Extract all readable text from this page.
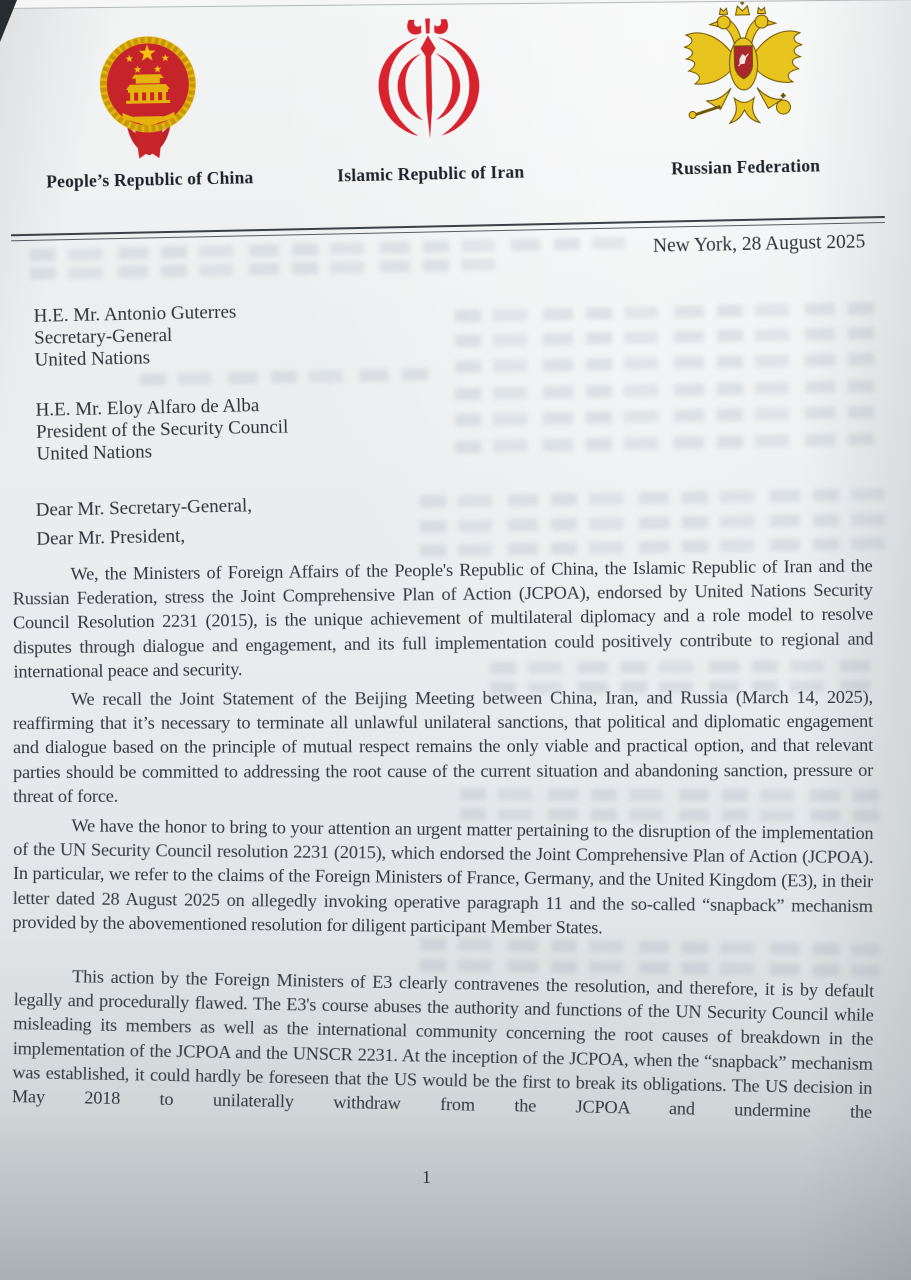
People’s Republic of China	Islamic Republic of Iran	Russian Federation
New York, 28 August 2025
H.E. Mr. Antonio Guterres
Secretary-General
United Nations
H.E. Mr. Eloy Alfaro de Alba
President of the Security Council
United Nations
Dear Mr. Secretary-General,
Dear Mr. President,

We, the Ministers of Foreign Affairs of the People's Republic of China, the Islamic Republic of Iran and the Russian Federation, stress the Joint Comprehensive Plan of Action (JCPOA), endorsed by United Nations Security Council Resolution 2231 (2015), is the unique achievement of multilateral diplomacy and a role model to resolve disputes through dialogue and engagement, and its full implementation could positively contribute to regional and international peace and security.

We recall the Joint Statement of the Beijing Meeting between China, Iran, and Russia (March 14, 2025), reaffirming that it’s necessary to terminate all unlawful unilateral sanctions, that political and diplomatic engagement and dialogue based on the principle of mutual respect remains the only viable and practical option, and that relevant parties should be committed to addressing the root cause of the current situation and abandoning sanction, pressure or threat of force.

We have the honor to bring to your attention an urgent matter pertaining to the disruption of the implementation of the UN Security Council resolution 2231 (2015), which endorsed the Joint Comprehensive Plan of Action (JCPOA). In particular, we refer to the claims of the Foreign Ministers of France, Germany, and the United Kingdom (E3), in their letter dated 28 August 2025 on allegedly invoking operative paragraph 11 and the so-called “snapback” mechanism provided by the abovementioned resolution for diligent participant Member States.

This action by the Foreign Ministers of E3 clearly contravenes the resolution, and therefore, it is by default legally and procedurally flawed. The E3's course abuses the authority and functions of the UN Security Council while misleading its members as well as the international community concerning the root causes of breakdown in the implementation of the JCPOA and the UNSCR 2231. At the inception of the JCPOA, when the “snapback” mechanism was established, it could hardly be foreseen that the US would be the first to break its obligations. The US decision in May 2018 to unilaterally withdraw from the JCPOA and undermine the

1
